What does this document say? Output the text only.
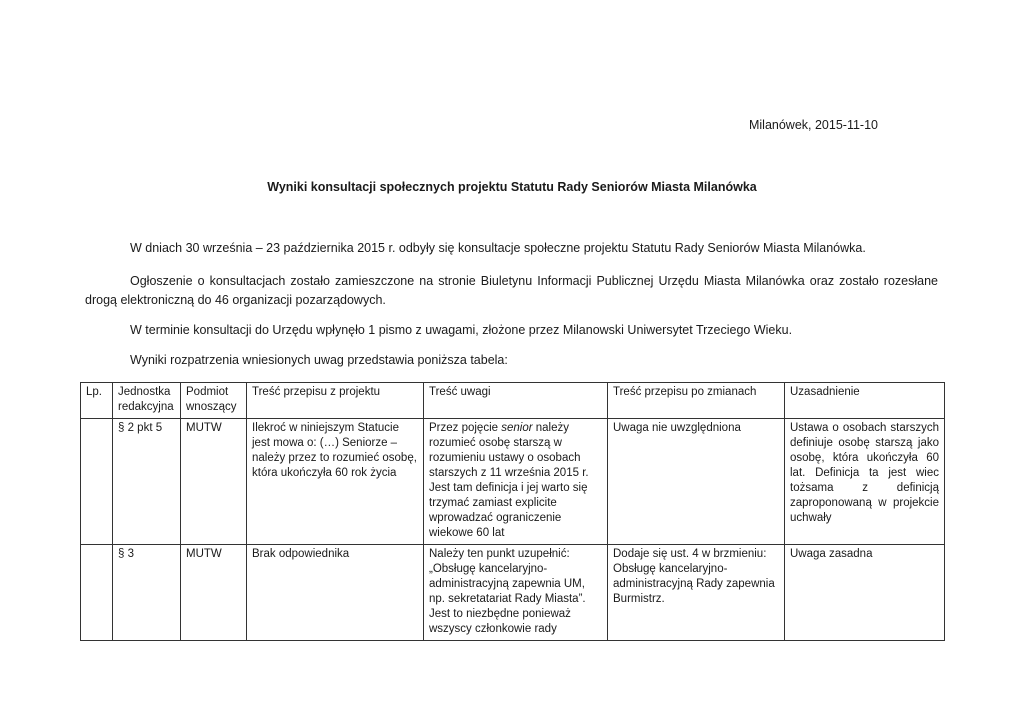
Milanówek, 2015-11-10
Wyniki konsultacji społecznych projektu Statutu Rady Seniorów Miasta Milanówka
W dniach 30 września – 23 października 2015 r. odbyły się konsultacje społeczne projektu Statutu Rady Seniorów Miasta Milanówka.
Ogłoszenie o konsultacjach zostało zamieszczone na stronie Biuletynu Informacji Publicznej Urzędu Miasta Milanówka oraz zostało rozesłane drogą elektroniczną do 46 organizacji pozarządowych.
W terminie konsultacji do Urzędu wpłynęło 1 pismo z uwagami, złożone przez Milanowski Uniwersytet Trzeciego Wieku.
Wyniki rozpatrzenia wniesionych uwag przedstawia poniższa tabela:
Lp.	Jednostka redakcyjna	Podmiot wnoszący	Treść przepisu z projektu	Treść uwagi	Treść przepisu po zmianach	Uzasadnienie
	§ 2 pkt 5	MUTW	Ilekroć w niniejszym Statucie jest mowa o: (…) Seniorze – należy przez to rozumieć osobę, która ukończyła 60 rok życia	Przez pojęcie senior należy rozumieć osobę starszą w rozumieniu ustawy o osobach starszych z 11 września 2015 r. Jest tam definicja i jej warto się trzymać zamiast explicite wprowadzać ograniczenie wiekowe 60 lat	Uwaga nie uwzględniona	Ustawa o osobach starszych definiuje osobę starszą jako osobę, która ukończyła 60 lat. Definicja ta jest wiec tożsama z definicją zaproponowaną w projekcie uchwały
	§ 3	MUTW	Brak odpowiednika	Należy ten punkt uzupełnić: „Obsługę kancelaryjno-administracyjną zapewnia UM, np. sekretatariat Rady Miasta”. Jest to niezbędne ponieważ wszyscy członkowie rady	Dodaje się ust. 4 w brzmieniu: Obsługę kancelaryjno-administracyjną Rady zapewnia Burmistrz.	Uwaga zasadna
